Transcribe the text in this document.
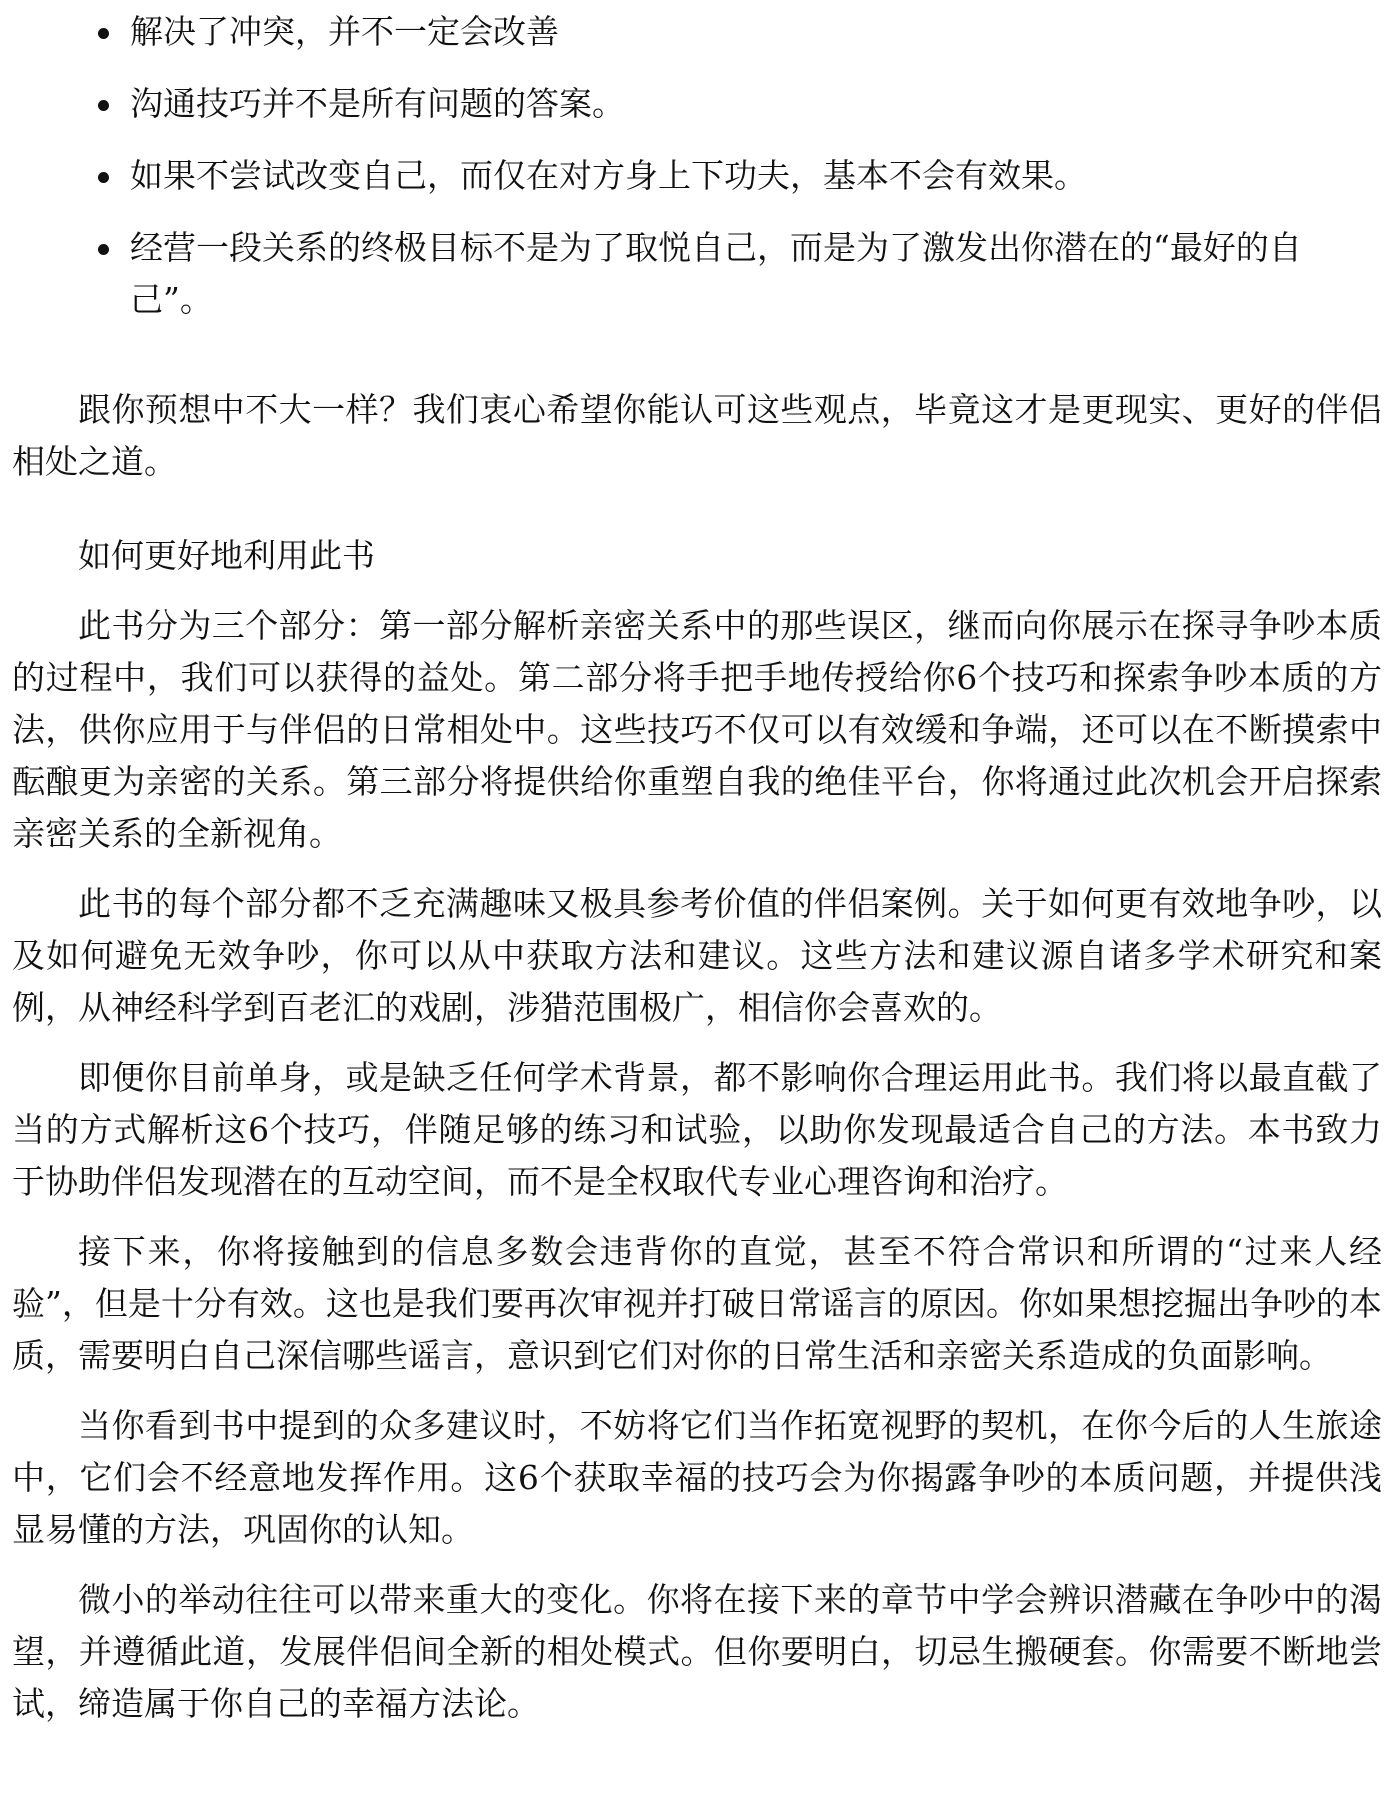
解决了冲突，并不一定会改善
沟通技巧并不是所有问题的答案。
如果不尝试改变自己，而仅在对方身上下功夫，基本不会有效果。
经营一段关系的终极目标不是为了取悦自己，而是为了激发出你潜在的“最好的自己”。

跟你预想中不大一样？我们衷心希望你能认可这些观点，毕竟这才是更现实、更好的伴侣相处之道。

如何更好地利用此书

此书分为三个部分：第一部分解析亲密关系中的那些误区，继而向你展示在探寻争吵本质的过程中，我们可以获得的益处。第二部分将手把手地传授给你6个技巧和探索争吵本质的方法，供你应用于与伴侣的日常相处中。这些技巧不仅可以有效缓和争端，还可以在不断摸索中酝酿更为亲密的关系。第三部分将提供给你重塑自我的绝佳平台，你将通过此次机会开启探索亲密关系的全新视角。

此书的每个部分都不乏充满趣味又极具参考价值的伴侣案例。关于如何更有效地争吵，以及如何避免无效争吵，你可以从中获取方法和建议。这些方法和建议源自诸多学术研究和案例，从神经科学到百老汇的戏剧，涉猎范围极广，相信你会喜欢的。

即便你目前单身，或是缺乏任何学术背景，都不影响你合理运用此书。我们将以最直截了当的方式解析这6个技巧，伴随足够的练习和试验，以助你发现最适合自己的方法。本书致力于协助伴侣发现潜在的互动空间，而不是全权取代专业心理咨询和治疗。

接下来，你将接触到的信息多数会违背你的直觉，甚至不符合常识和所谓的“过来人经验”，但是十分有效。这也是我们要再次审视并打破日常谣言的原因。你如果想挖掘出争吵的本质，需要明白自己深信哪些谣言，意识到它们对你的日常生活和亲密关系造成的负面影响。

当你看到书中提到的众多建议时，不妨将它们当作拓宽视野的契机，在你今后的人生旅途中，它们会不经意地发挥作用。这6个获取幸福的技巧会为你揭露争吵的本质问题，并提供浅显易懂的方法，巩固你的认知。

微小的举动往往可以带来重大的变化。你将在接下来的章节中学会辨识潜藏在争吵中的渴望，并遵循此道，发展伴侣间全新的相处模式。但你要明白，切忌生搬硬套。你需要不断地尝试，缔造属于你自己的幸福方法论。
